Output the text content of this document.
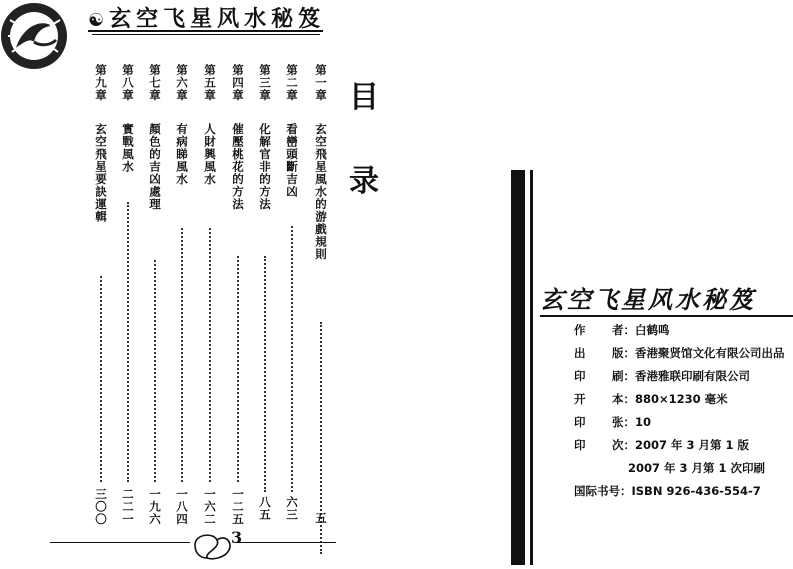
☯玄空飞星风水秘笈
目
录
第一章
玄空飛星風水的游戲規則
五
第二章
看巒頭斷吉凶
六三
第三章
化解官非的方法
八五
第四章
催壓桃花的方法
一二五
第五章
人財興風水
一六二
第六章
有病睇風水
一八四
第七章
顏色的吉凶處理
一九六
第八章
實戰風水
二二一
第九章
玄空飛星要訣運輯
三〇〇
3
玄空飞星风水秘笈
作 者：白鹤鸣
出 版：香港聚贤馆文化有限公司出品
印 刷：香港雅联印刷有限公司
开 本：880×1230 毫米
印 张：10
印 次：2007 年 3 月第 1 版
2007 年 3 月第 1 次印刷
国际书号：ISBN 926-436-554-7
